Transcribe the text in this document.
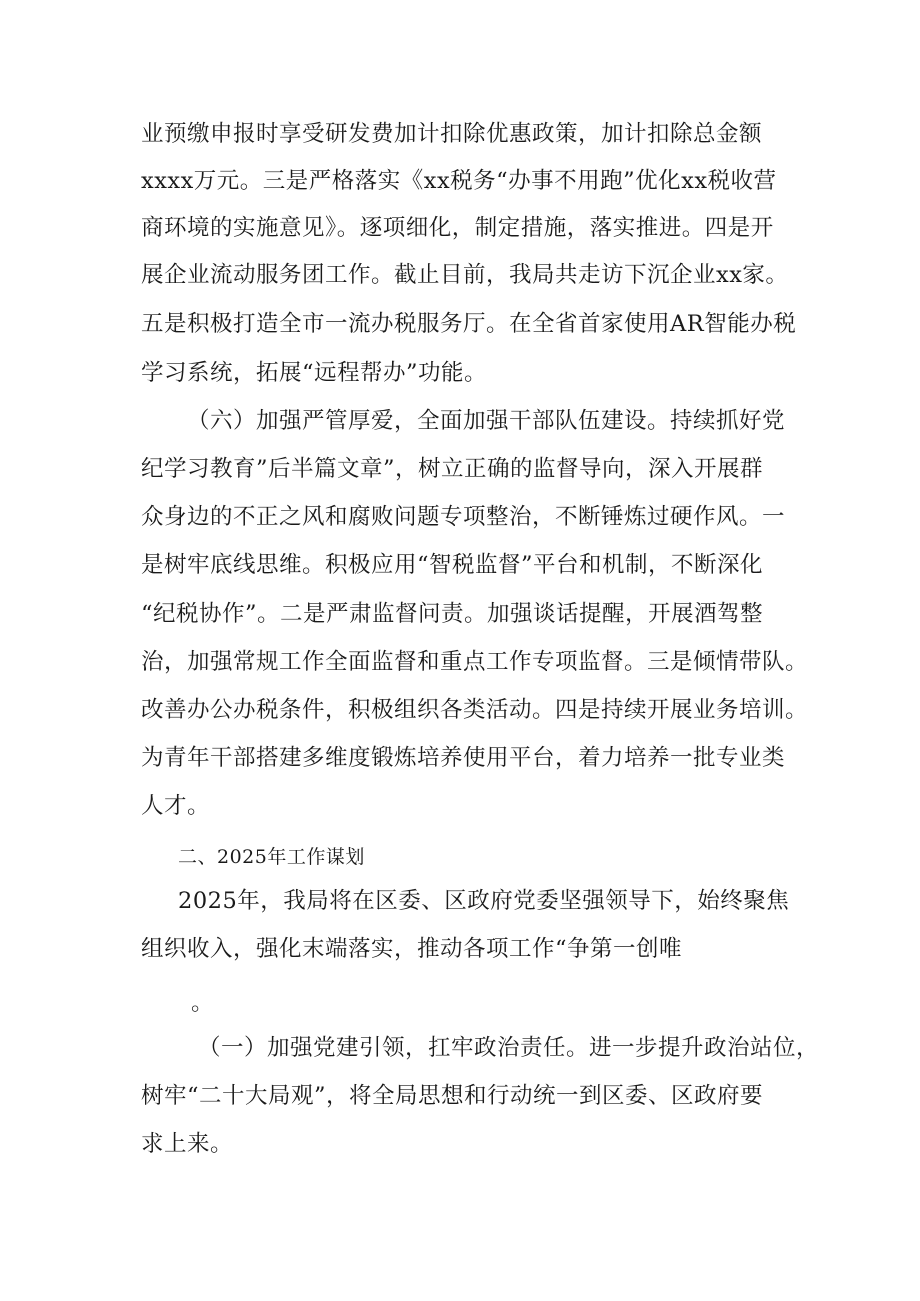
业预缴申报时享受研发费加计扣除优惠政策，加计扣除总金额
xxxx万元。三是严格落实《xx税务“办事不用跑”优化xx税收营
商环境的实施意见》。逐项细化，制定措施，落实推进。四是开
展企业流动服务团工作。截止目前，我局共走访下沉企业xx家。
五是积极打造全市一流办税服务厅。在全省首家使用AR智能办税
学习系统，拓展“远程帮办”功能。
（六）加强严管厚爱，全面加强干部队伍建设。持续抓好党
纪学习教育”后半篇文章”，树立正确的监督导向，深入开展群
众身边的不正之风和腐败问题专项整治，不断锤炼过硬作风。一
是树牢底线思维。积极应用“智税监督”平台和机制，不断深化
“纪税协作”。二是严肃监督问责。加强谈话提醒，开展酒驾整
治，加强常规工作全面监督和重点工作专项监督。三是倾情带队。
改善办公办税条件，积极组织各类活动。四是持续开展业务培训。
为青年干部搭建多维度锻炼培养使用平台，着力培养一批专业类
人才。
二、2025年工作谋划
2025年，我局将在区委、区政府党委坚强领导下，始终聚焦
组织收入，强化末端落实，推动各项工作“争第一创唯
。
（一）加强党建引领，扛牢政治责任。进一步提升政治站位，
树牢“二十大局观”，将全局思想和行动统一到区委、区政府要
求上来。
